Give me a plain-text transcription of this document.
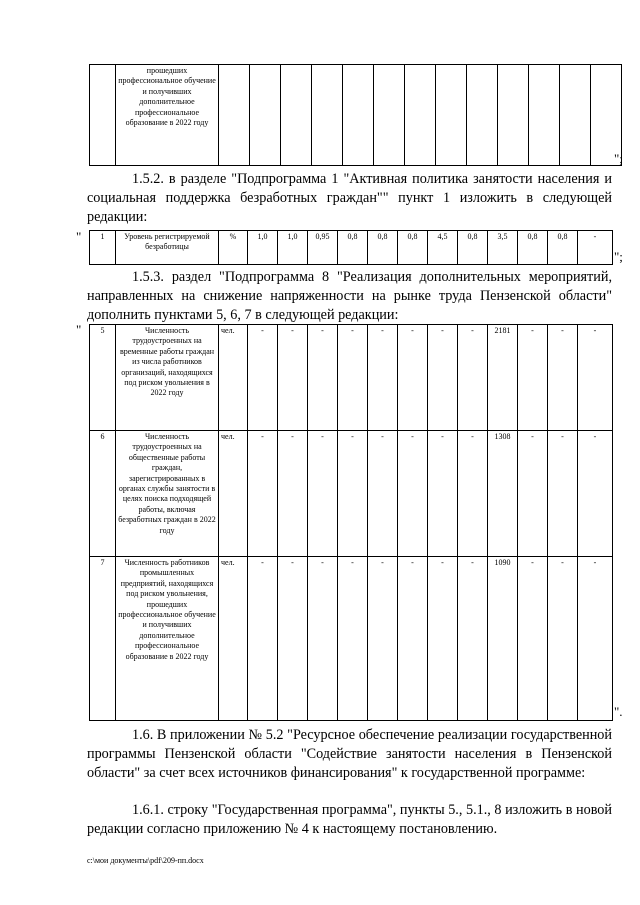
	прошедших профессиональное обучение и получивших дополнительное профессиональное образование в 2022 году													
";

1.5.2. в разделе "Подпрограмма 1 "Активная политика занятости населения и социальная поддержка безработных граждан"" пункт 1 изложить в следующей редакции:

" 1	Уровень регистрируемой безработицы	%	1,0	1,0	0,95	0,8	0,8	0,8	4,5	0,8	3,5	0,8	0,8	-
";

1.5.3. раздел "Подпрограмма 8 "Реализация дополнительных мероприятий, направленных на снижение напряженности на рынке труда Пензенской области" дополнить пунктами 5, 6, 7 в следующей редакции:

" 5	Численность трудоустроенных на временные работы граждан из числа работников организаций, находящихся под риском увольнения в 2022 году	чел.	-	-	-	-	-	-	-	-	2181	-	-	-
6	Численность трудоустроенных на общественные работы граждан, зарегистрированных в органах службы занятости в целях поиска подходящей работы, включая безработных граждан в 2022 году	чел.	-	-	-	-	-	-	-	-	1308	-	-	-
7	Численность работников промышленных предприятий, находящихся под риском увольнения, прошедших профессиональное обучение и получивших дополнительное профессиональное образование в 2022 году	чел.	-	-	-	-	-	-	-	-	1090	-	-	-
".

1.6. В приложении № 5.2 "Ресурсное обеспечение реализации государственной программы Пензенской области "Содействие занятости населения в Пензенской области" за счет всех источников финансирования" к государственной программе:

1.6.1. строку "Государственная программа", пункты 5., 5.1., 8 изложить в новой редакции согласно приложению № 4 к настоящему постановлению.

c:\мои документы\pdf\209-пп.docx
